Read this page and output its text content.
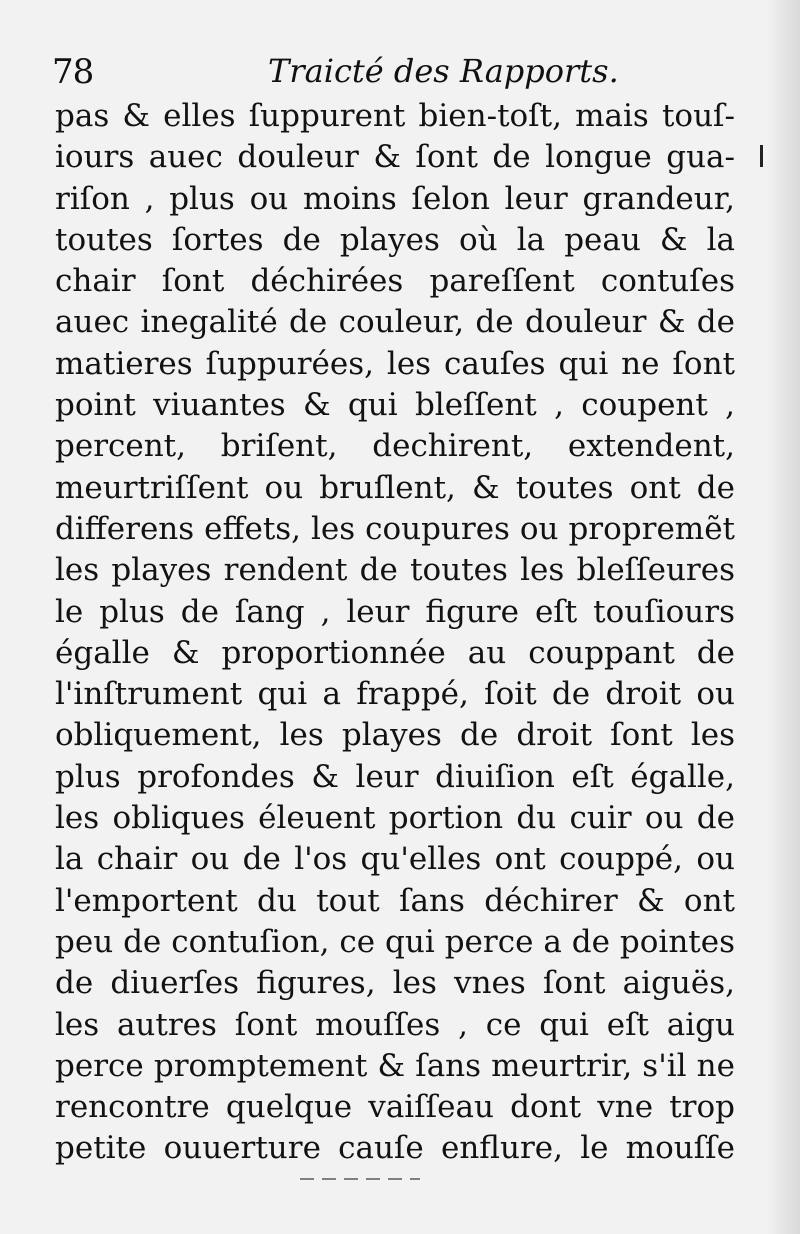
78	Traicté des Rapports.
pas & elles ſuppurent bien-toſt, mais touſ-
iours auec douleur & ſont de longue gua-
riſon , plus ou moins ſelon leur grandeur,
toutes ſortes de playes où la peau & la
chair ſont déchirées pareſſent contuſes
auec inegalité de couleur, de douleur & de
matieres ſuppurées, les cauſes qui ne ſont
point viuantes & qui bleſſent , coupent ,
percent, briſent, dechirent, extendent,
meurtriſſent ou bruſlent, & toutes ont de
differens effets, les coupures ou propremẽt
les playes rendent de toutes les bleſſeures
le plus de ſang , leur figure eſt touſiours
égalle & proportionnée au couppant de
l'inſtrument qui a frappé, ſoit de droit ou
obliquement, les playes de droit ſont les
plus profondes & leur diuiſion eſt égalle,
les obliques éleuent portion du cuir ou de
la chair ou de l'os qu'elles ont couppé, ou
l'emportent du tout ſans déchirer & ont
peu de contuſion, ce qui perce a de pointes
de diuerſes figures, les vnes ſont aiguës,
les autres ſont mouſſes , ce qui eſt aigu
perce promptement & ſans meurtrir, s'il ne
rencontre quelque vaiſſeau dont vne trop
petite ouuerture cauſe enflure, le mouſſe
